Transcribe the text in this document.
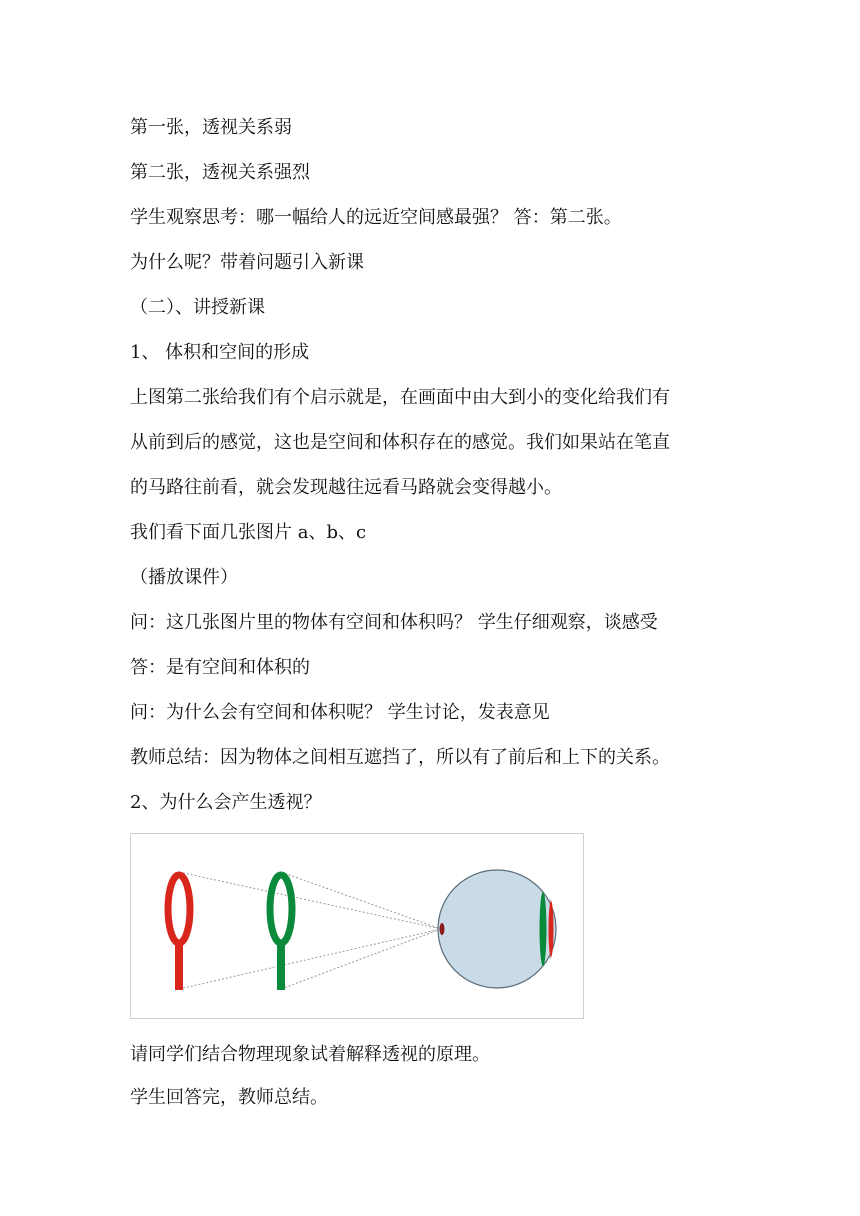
第一张，透视关系弱

第二张，透视关系强烈

学生观察思考：哪一幅给人的远近空间感最强？ 答：第二张。

为什么呢？带着问题引入新课

（二）、讲授新课

1、 体积和空间的形成

上图第二张给我们有个启示就是，在画面中由大到小的变化给我们有

从前到后的感觉，这也是空间和体积存在的感觉。我们如果站在笔直

的马路往前看，就会发现越往远看马路就会变得越小。

我们看下面几张图片 a、b、c

（播放课件）

问：这几张图片里的物体有空间和体积吗？ 学生仔细观察，谈感受

答：是有空间和体积的

问：为什么会有空间和体积呢？ 学生讨论，发表意见

教师总结：因为物体之间相互遮挡了，所以有了前后和上下的关系。

2、为什么会产生透视？

请同学们结合物理现象试着解释透视的原理。

学生回答完，教师总结。
